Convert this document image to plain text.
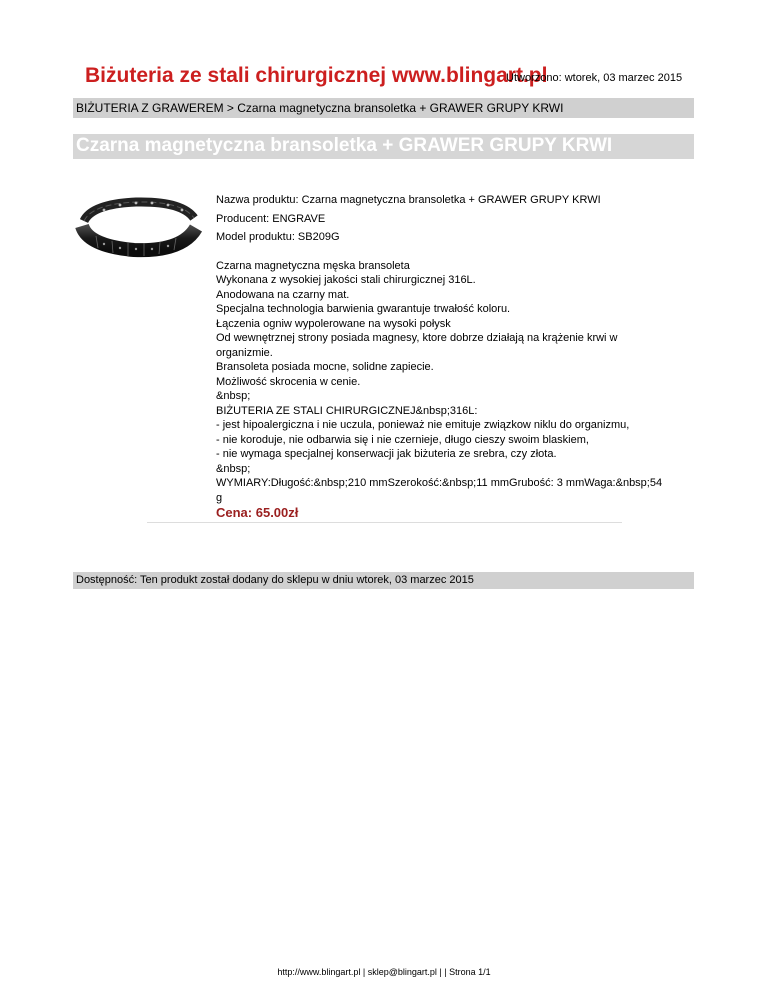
Biżuteria ze stali chirurgicznej www.blingart.pl
Utworzono: wtorek, 03 marzec 2015
BIŻUTERIA Z GRAWEREM > Czarna magnetyczna bransoletka + GRAWER GRUPY KRWI
Czarna magnetyczna bransoletka + GRAWER GRUPY KRWI
Nazwa produktu: Czarna magnetyczna bransoletka + GRAWER GRUPY KRWI
Producent: ENGRAVE
Model produktu: SB209G
Czarna magnetyczna męska bransoleta
Wykonana z wysokiej jakości stali chirurgicznej 316L.
Anodowana na czarny mat.
Specjalna technologia barwienia gwarantuje trwałość koloru.
Łączenia ogniw wypolerowane na wysoki połysk
Od wewnętrznej strony posiada magnesy, ktore dobrze działają na krążenie krwi w organizmie.
Bransoleta posiada mocne, solidne zapiecie.
Możliwość skrocenia w cenie.
&nbsp;
BIŻUTERIA ZE STALI CHIRURGICZNEJ&nbsp;316L:
- jest hipoalergiczna i nie uczula, ponieważ nie emituje związkow niklu do organizmu,
- nie koroduje, nie odbarwia się i nie czernieje, długo cieszy swoim blaskiem,
- nie wymaga specjalnej konserwacji jak biżuteria ze srebra, czy złota.
&nbsp;
WYMIARY:Długość:&nbsp;210 mmSzerokość:&nbsp;11 mmGrubość: 3 mmWaga:&nbsp;54 g
Cena: 65.00zł
Dostępność: Ten produkt został dodany do sklepu w dniu wtorek, 03 marzec 2015
http://www.blingart.pl | sklep@blingart.pl | | Strona 1/1
